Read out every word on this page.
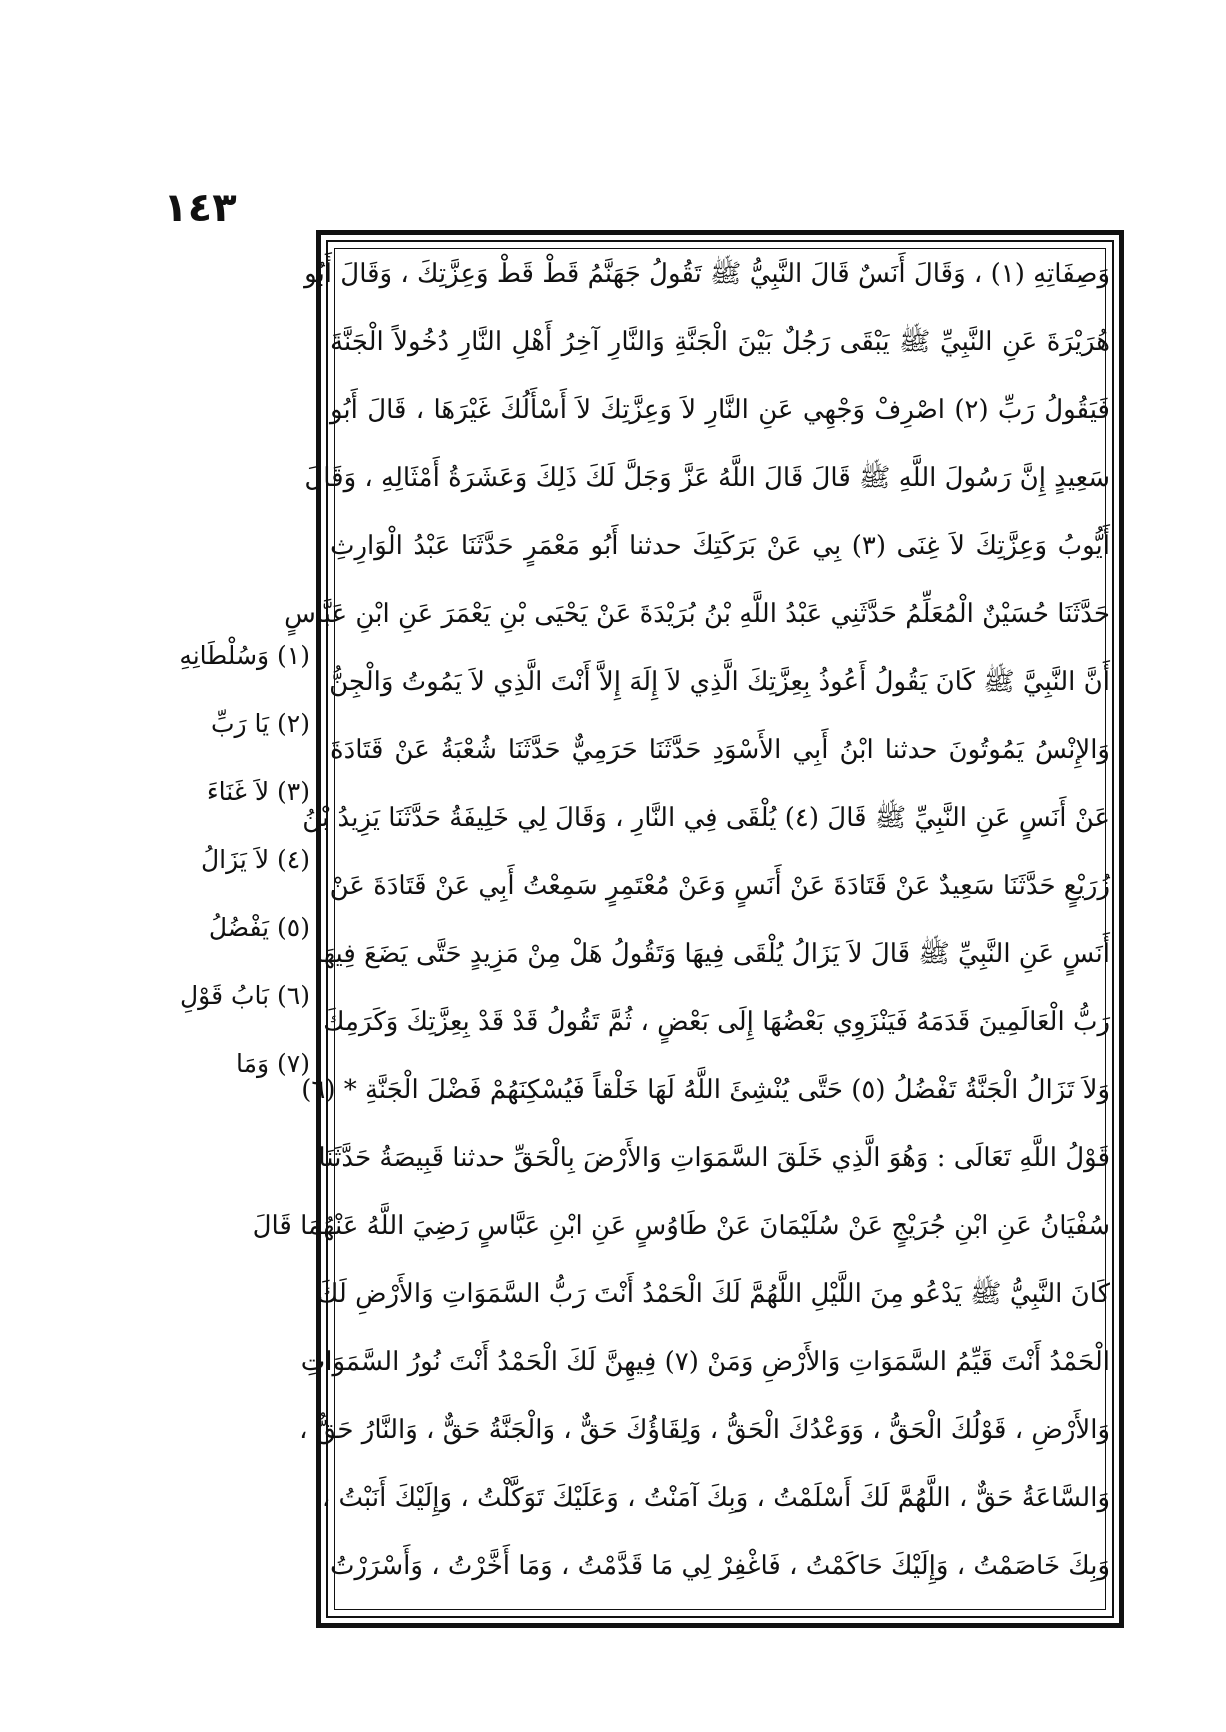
١٤٣
وَصِفَاتِهِ (١) ، وَقَالَ أَنَسٌ قَالَ النَّبِيُّ ﷺ تَقُولُ جَهَنَّمُ قَطْ قَطْ وَعِزَّتِكَ ، وَقَالَ أَبُو
هُرَيْرَةَ عَنِ النَّبِيِّ ﷺ يَبْقَى رَجُلٌ بَيْنَ الْجَنَّةِ وَالنَّارِ آخِرُ أَهْلِ النَّارِ دُخُولاً الْجَنَّةَ
فَيَقُولُ رَبِّ (٢) اصْرِفْ وَجْهِي عَنِ النَّارِ لاَ وَعِزَّتِكَ لاَ أَسْأَلُكَ غَيْرَهَا ، قَالَ أَبُو
سَعِيدٍ إِنَّ رَسُولَ اللَّهِ ﷺ قَالَ قَالَ اللَّهُ عَزَّ وَجَلَّ لَكَ ذَلِكَ وَعَشَرَةُ أَمْثَالِهِ ، وَقَالَ
أَيُّوبُ وَعِزَّتِكَ لاَ غِنَى (٣) بِي عَنْ بَرَكَتِكَ حدثنا أَبُو مَعْمَرٍ حَدَّثَنَا عَبْدُ الْوَارِثِ
حَدَّثَنَا حُسَيْنٌ الْمُعَلِّمُ حَدَّثَنِي عَبْدُ اللَّهِ بْنُ بُرَيْدَةَ عَنْ يَحْيَى بْنِ يَعْمَرَ عَنِ ابْنِ عَبَّاسٍ
أَنَّ النَّبِيَّ ﷺ كَانَ يَقُولُ أَعُوذُ بِعِزَّتِكَ الَّذِي لاَ إِلَهَ إِلاَّ أَنْتَ الَّذِي لاَ يَمُوتُ وَالْجِنُّ
وَالإِنْسُ يَمُوتُونَ حدثنا ابْنُ أَبِي الأَسْوَدِ حَدَّثَنَا حَرَمِيٌّ حَدَّثَنَا شُعْبَةُ عَنْ قَتَادَةَ
عَنْ أَنَسٍ عَنِ النَّبِيِّ ﷺ قَالَ (٤) يُلْقَى فِي النَّارِ ، وَقَالَ لِي خَلِيفَةُ حَدَّثَنَا يَزِيدُ بْنُ
زُرَيْعٍ حَدَّثَنَا سَعِيدٌ عَنْ قَتَادَةَ عَنْ أَنَسٍ وَعَنْ مُعْتَمِرٍ سَمِعْتُ أَبِي عَنْ قَتَادَةَ عَنْ
أَنَسٍ عَنِ النَّبِيِّ ﷺ قَالَ لاَ يَزَالُ يُلْقَى فِيهَا وَتَقُولُ هَلْ مِنْ مَزِيدٍ حَتَّى يَضَعَ فِيهَا
رَبُّ الْعَالَمِينَ قَدَمَهُ فَيَنْزَوِي بَعْضُهَا إِلَى بَعْضٍ ، ثُمَّ تَقُولُ قَدْ قَدْ بِعِزَّتِكَ وَكَرَمِكَ
وَلاَ تَزَالُ الْجَنَّةُ تَفْضُلُ (٥) حَتَّى يُنْشِئَ اللَّهُ لَهَا خَلْقاً فَيُسْكِنَهُمْ فَضْلَ الْجَنَّةِ * (٦)
قَوْلُ اللَّهِ تَعَالَى : وَهُوَ الَّذِي خَلَقَ السَّمَوَاتِ وَالأَرْضَ بِالْحَقِّ حدثنا قَبِيصَةُ حَدَّثَنَا
سُفْيَانُ عَنِ ابْنِ جُرَيْجٍ عَنْ سُلَيْمَانَ عَنْ طَاوُسٍ عَنِ ابْنِ عَبَّاسٍ رَضِيَ اللَّهُ عَنْهُمَا قَالَ
كَانَ النَّبِيُّ ﷺ يَدْعُو مِنَ اللَّيْلِ اللَّهُمَّ لَكَ الْحَمْدُ أَنْتَ رَبُّ السَّمَوَاتِ وَالأَرْضِ لَكَ
الْحَمْدُ أَنْتَ قَيِّمُ السَّمَوَاتِ وَالأَرْضِ وَمَنْ (٧) فِيهِنَّ لَكَ الْحَمْدُ أَنْتَ نُورُ السَّمَوَاتِ
وَالأَرْضِ ، قَوْلُكَ الْحَقُّ ، وَوَعْدُكَ الْحَقُّ ، وَلِقَاؤُكَ حَقٌّ ، وَالْجَنَّةُ حَقٌّ ، وَالنَّارُ حَقٌّ ،
وَالسَّاعَةُ حَقٌّ ، اللَّهُمَّ لَكَ أَسْلَمْتُ ، وَبِكَ آمَنْتُ ، وَعَلَيْكَ تَوَكَّلْتُ ، وَإِلَيْكَ أَنَبْتُ ،
وَبِكَ خَاصَمْتُ ، وَإِلَيْكَ حَاكَمْتُ ، فَاغْفِرْ لِي مَا قَدَّمْتُ ، وَمَا أَخَّرْتُ ، وَأَسْرَرْتُ
(١) وَسُلْطَانِهِ
(٢) يَا رَبِّ
(٣) لاَ غَنَاءَ
(٤) لاَ يَزَالُ
(٥) يَفْضُلُ
(٦) بَابُ قَوْلِ
(٧) وَمَا
